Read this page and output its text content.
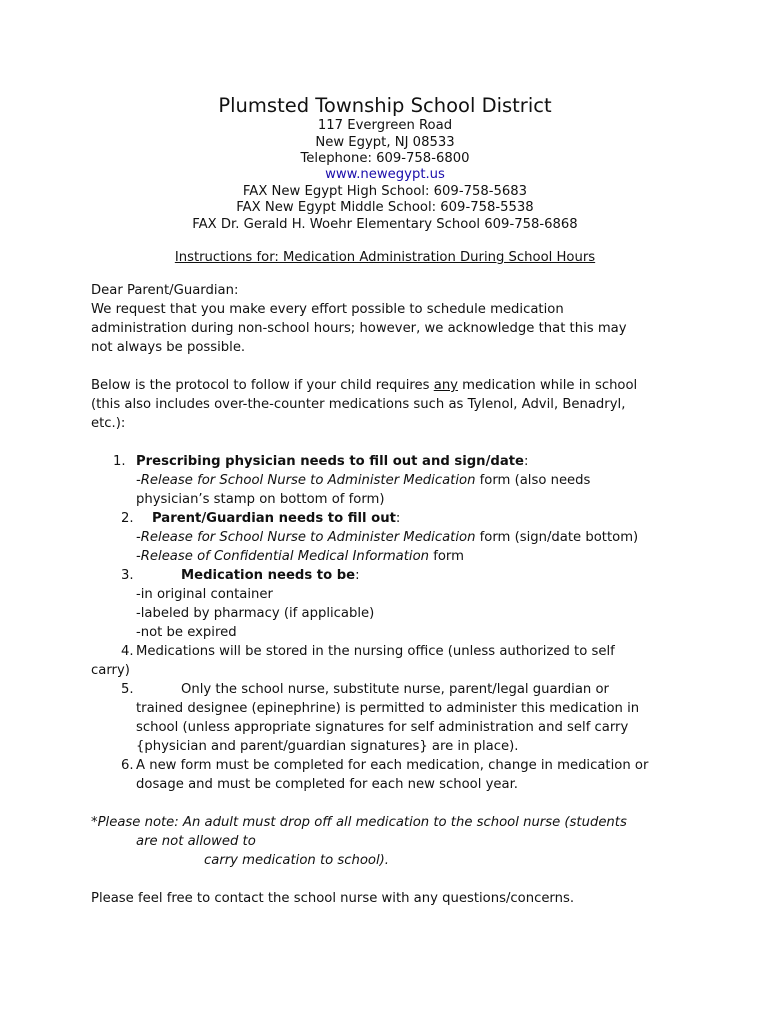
Plumsted Township School District
117 Evergreen Road
New Egypt, NJ 08533
Telephone: 609-758-6800
www.newegypt.us
FAX New Egypt High School: 609-758-5683
FAX New Egypt Middle School: 609-758-5538
FAX Dr. Gerald H. Woehr Elementary School 609-758-6868
Instructions for: Medication Administration During School Hours
Dear Parent/Guardian:
We request that you make every effort possible to schedule medication
administration during non-school hours; however, we acknowledge that this may
not always be possible.
Below is the protocol to follow if your child requires any medication while in school
(this also includes over-the-counter medications such as Tylenol, Advil, Benadryl,
etc.):
1. Prescribing physician needs to fill out and sign/date:
-Release for School Nurse to Administer Medication form (also needs
physician’s stamp on bottom of form)
2. Parent/Guardian needs to fill out:
-Release for School Nurse to Administer Medication form (sign/date bottom)
-Release of Confidential Medical Information form
3.	Medication needs to be:
-in original container
-labeled by pharmacy (if applicable)
-not be expired
4. Medications will be stored in the nursing office (unless authorized to self
carry)
5.	Only the school nurse, substitute nurse, parent/legal guardian or
trained designee (epinephrine) is permitted to administer this medication in
school (unless appropriate signatures for self administration and self carry
{physician and parent/guardian signatures} are in place).
6. A new form must be completed for each medication, change in medication or
dosage and must be completed for each new school year.
*Please note: An adult must drop off all medication to the school nurse (students
are not allowed to
carry medication to school).
Please feel free to contact the school nurse with any questions/concerns.
